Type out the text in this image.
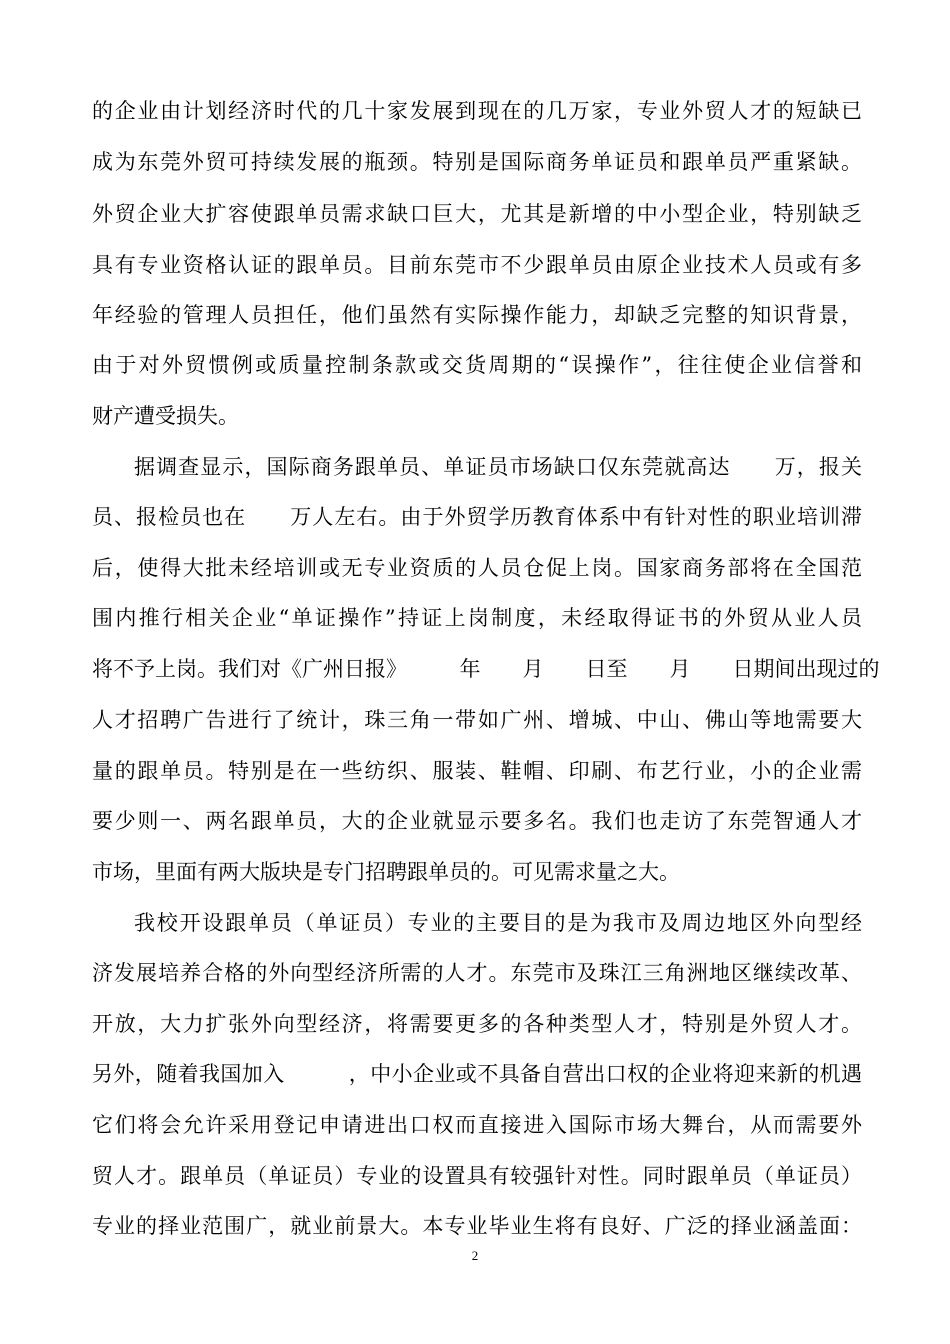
的企业由计划经济时代的几十家发展到现在的几万家，专业外贸人才的短缺已
成为东莞外贸可持续发展的瓶颈。特别是国际商务单证员和跟单员严重紧缺。
外贸企业大扩容使跟单员需求缺口巨大，尤其是新增的中小型企业，特别缺乏
具有专业资格认证的跟单员。目前东莞市不少跟单员由原企业技术人员或有多
年经验的管理人员担任，他们虽然有实际操作能力，却缺乏完整的知识背景，
由于对外贸惯例或质量控制条款或交货周期的“误操作”，往往使企业信誉和
财产遭受损失。
据调查显示，国际商务跟单员、单证员市场缺口仅东莞就高达　　万，报关
员、报检员也在　　万人左右。由于外贸学历教育体系中有针对性的职业培训滞
后，使得大批未经培训或无专业资质的人员仓促上岗。国家商务部将在全国范
围内推行相关企业“单证操作”持证上岗制度，未经取得证书的外贸从业人员
将不予上岗。我们对《广州日报》　　　年　　月　　日至　　月　　日期间出现过的
人才招聘广告进行了统计，珠三角一带如广州、增城、中山、佛山等地需要大
量的跟单员。特别是在一些纺织、服装、鞋帽、印刷、布艺行业，小的企业需
要少则一、两名跟单员，大的企业就显示要多名。我们也走访了东莞智通人才
市场，里面有两大版块是专门招聘跟单员的。可见需求量之大。
我校开设跟单员（单证员）专业的主要目的是为我市及周边地区外向型经
济发展培养合格的外向型经济所需的人才。东莞市及珠江三角洲地区继续改革、
开放，大力扩张外向型经济，将需要更多的各种类型人才，特别是外贸人才。
另外，随着我国加入　　　，中小企业或不具备自营出口权的企业将迎来新的机遇
它们将会允许采用登记申请进出口权而直接进入国际市场大舞台，从而需要外
贸人才。跟单员（单证员）专业的设置具有较强针对性。同时跟单员（单证员）
专业的择业范围广，就业前景大。本专业毕业生将有良好、广泛的择业涵盖面：
2
